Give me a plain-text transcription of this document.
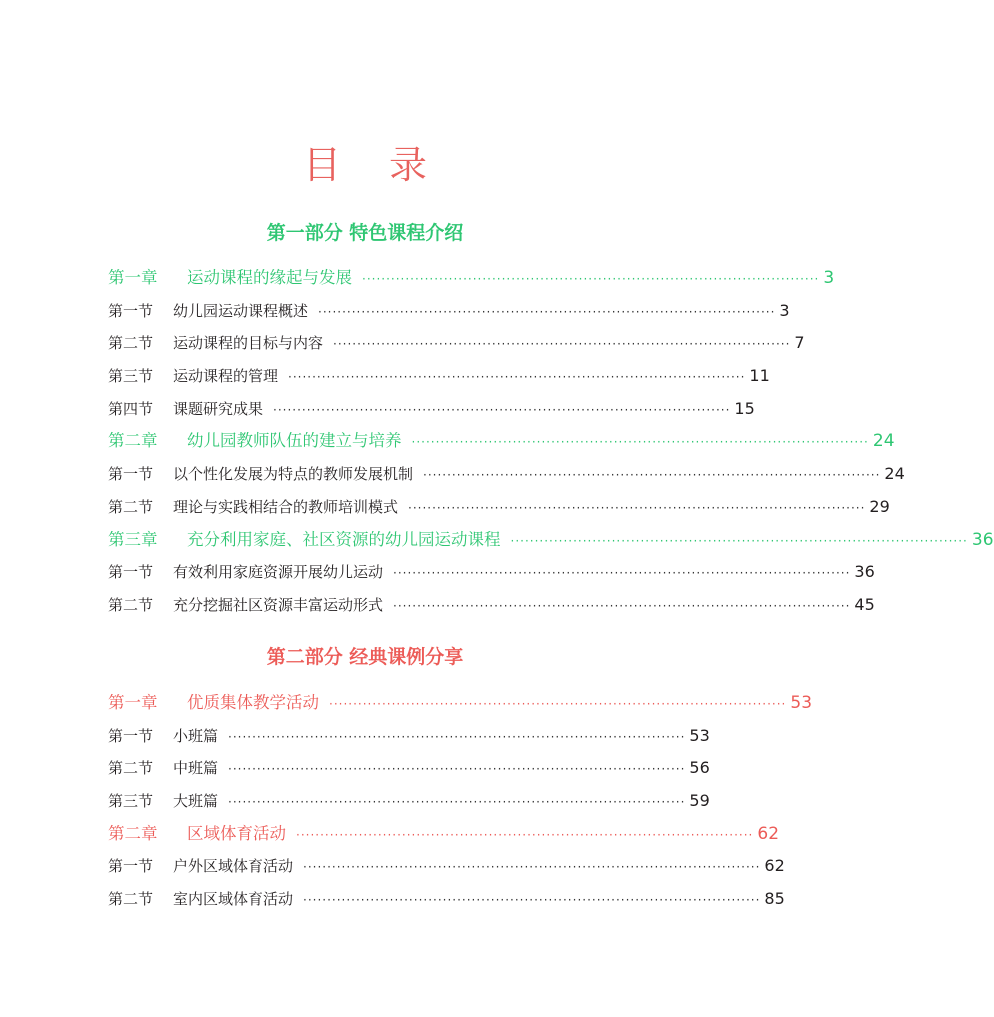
目 录
第一部分 特色课程介绍
第一章	运动课程的缘起与发展 ······························································································· 3
第一节	幼儿园运动课程概述 ······························································································· 3
第二节	运动课程的目标与内容 ······························································································· 7
第三节	运动课程的管理 ······························································································· 11
第四节	课题研究成果 ······························································································· 15
第二章	幼儿园教师队伍的建立与培养 ······························································································· 24
第一节	以个性化发展为特点的教师发展机制 ······························································································· 24
第二节	理论与实践相结合的教师培训模式 ······························································································· 29
第三章	充分利用家庭、社区资源的幼儿园运动课程 ······························································································· 36
第一节	有效利用家庭资源开展幼儿运动 ······························································································· 36
第二节	充分挖掘社区资源丰富运动形式 ······························································································· 45
第二部分 经典课例分享
第一章	优质集体教学活动 ······························································································· 53
第一节	小班篇 ······························································································· 53
第二节	中班篇 ······························································································· 56
第三节	大班篇 ······························································································· 59
第二章	区域体育活动 ······························································································· 62
第一节	户外区域体育活动 ······························································································· 62
第二节	室内区域体育活动 ······························································································· 85
